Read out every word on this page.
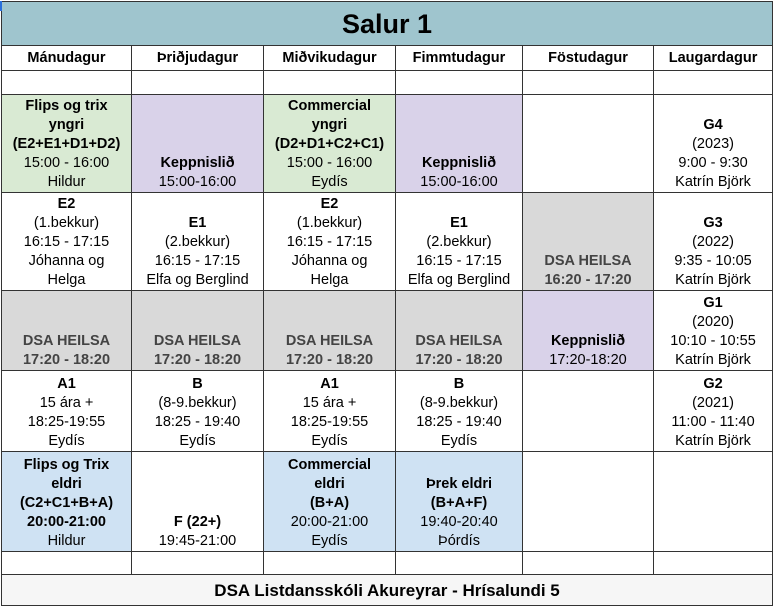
Salur 1					
Mánudagur	Þriðjudagur	Miðvikudagur	Fimmtudagur	Föstudagur	Laugardagur

Flips og trix
yngri
(E2+E1+D1+D2)
15:00 - 16:00
Hildur	Keppnislið
15:00-16:00	Commercial
yngri
(D2+D1+C2+C1)
15:00 - 16:00
Eydís	Keppnislið
15:00-16:00		G4
(2023)
9:00 - 9:30
Katrín Björk

E2
(1.bekkur)
16:15 - 17:15
Jóhanna og
Helga	E1
(2.bekkur)
16:15 - 17:15
Elfa og Berglind	E2
(1.bekkur)
16:15 - 17:15
Jóhanna og
Helga	E1
(2.bekkur)
16:15 - 17:15
Elfa og Berglind	DSA HEILSA
16:20 - 17:20	G3
(2022)
9:35 - 10:05
Katrín Björk

DSA HEILSA
17:20 - 18:20	DSA HEILSA
17:20 - 18:20	DSA HEILSA
17:20 - 18:20	DSA HEILSA
17:20 - 18:20	Keppnislið
17:20-18:20	G1
(2020)
10:10 - 10:55
Katrín Björk

A1
15 ára +
18:25-19:55
Eydís	B
(8-9.bekkur)
18:25 - 19:40
Eydís	A1
15 ára +
18:25-19:55
Eydís	B
(8-9.bekkur)
18:25 - 19:40
Eydís		G2
(2021)
11:00 - 11:40
Katrín Björk

Flips og Trix
eldri
(C2+C1+B+A)
20:00-21:00
Hildur	F (22+)
19:45-21:00	Commercial
eldri
(B+A)
20:00-21:00
Eydís	Þrek eldri
(B+A+F)
19:40-20:40
Þórdís		

DSA Listdansskóli Akureyrar - Hrísalundi 5					
